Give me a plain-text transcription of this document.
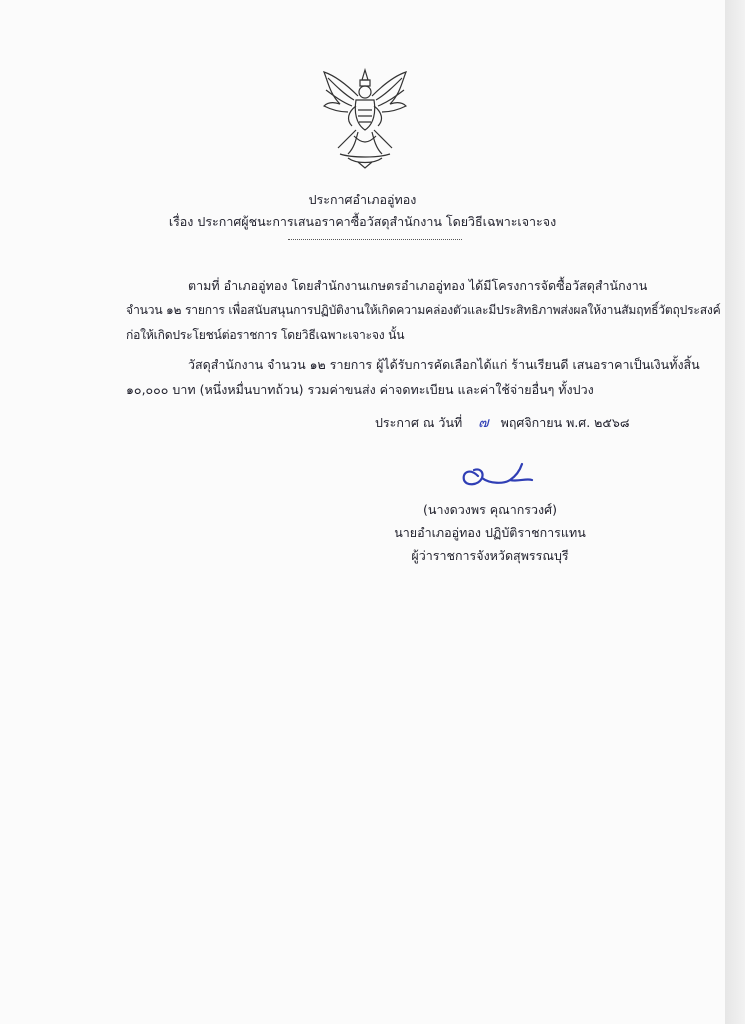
ประกาศอำเภออู่ทอง
เรื่อง ประกาศผู้ชนะการเสนอราคาซื้อวัสดุสำนักงาน โดยวิธีเฉพาะเจาะจง
ตามที่ อำเภออู่ทอง โดยสำนักงานเกษตรอำเภออู่ทอง ได้มีโครงการจัดซื้อวัสดุสำนักงาน
จำนวน ๑๒ รายการ เพื่อสนับสนุนการปฏิบัติงานให้เกิดความคล่องตัวและมีประสิทธิภาพส่งผลให้งานสัมฤทธิ์วัตถุประสงค์
ก่อให้เกิดประโยชน์ต่อราชการ โดยวิธีเฉพาะเจาะจง นั้น
วัสดุสำนักงาน จำนวน ๑๒ รายการ ผู้ได้รับการคัดเลือกได้แก่ ร้านเรียนดี เสนอราคาเป็นเงินทั้งสิ้น
๑๐,๐๐๐ บาท (หนึ่งหมื่นบาทถ้วน) รวมค่าขนส่ง ค่าจดทะเบียน และค่าใช้จ่ายอื่นๆ ทั้งปวง
ประกาศ ณ วันที่ ๗ พฤศจิกายน พ.ศ. ๒๕๖๘
(นางดวงพร คุณากรวงศ์)
นายอำเภออู่ทอง ปฏิบัติราชการแทน
ผู้ว่าราชการจังหวัดสุพรรณบุรี
